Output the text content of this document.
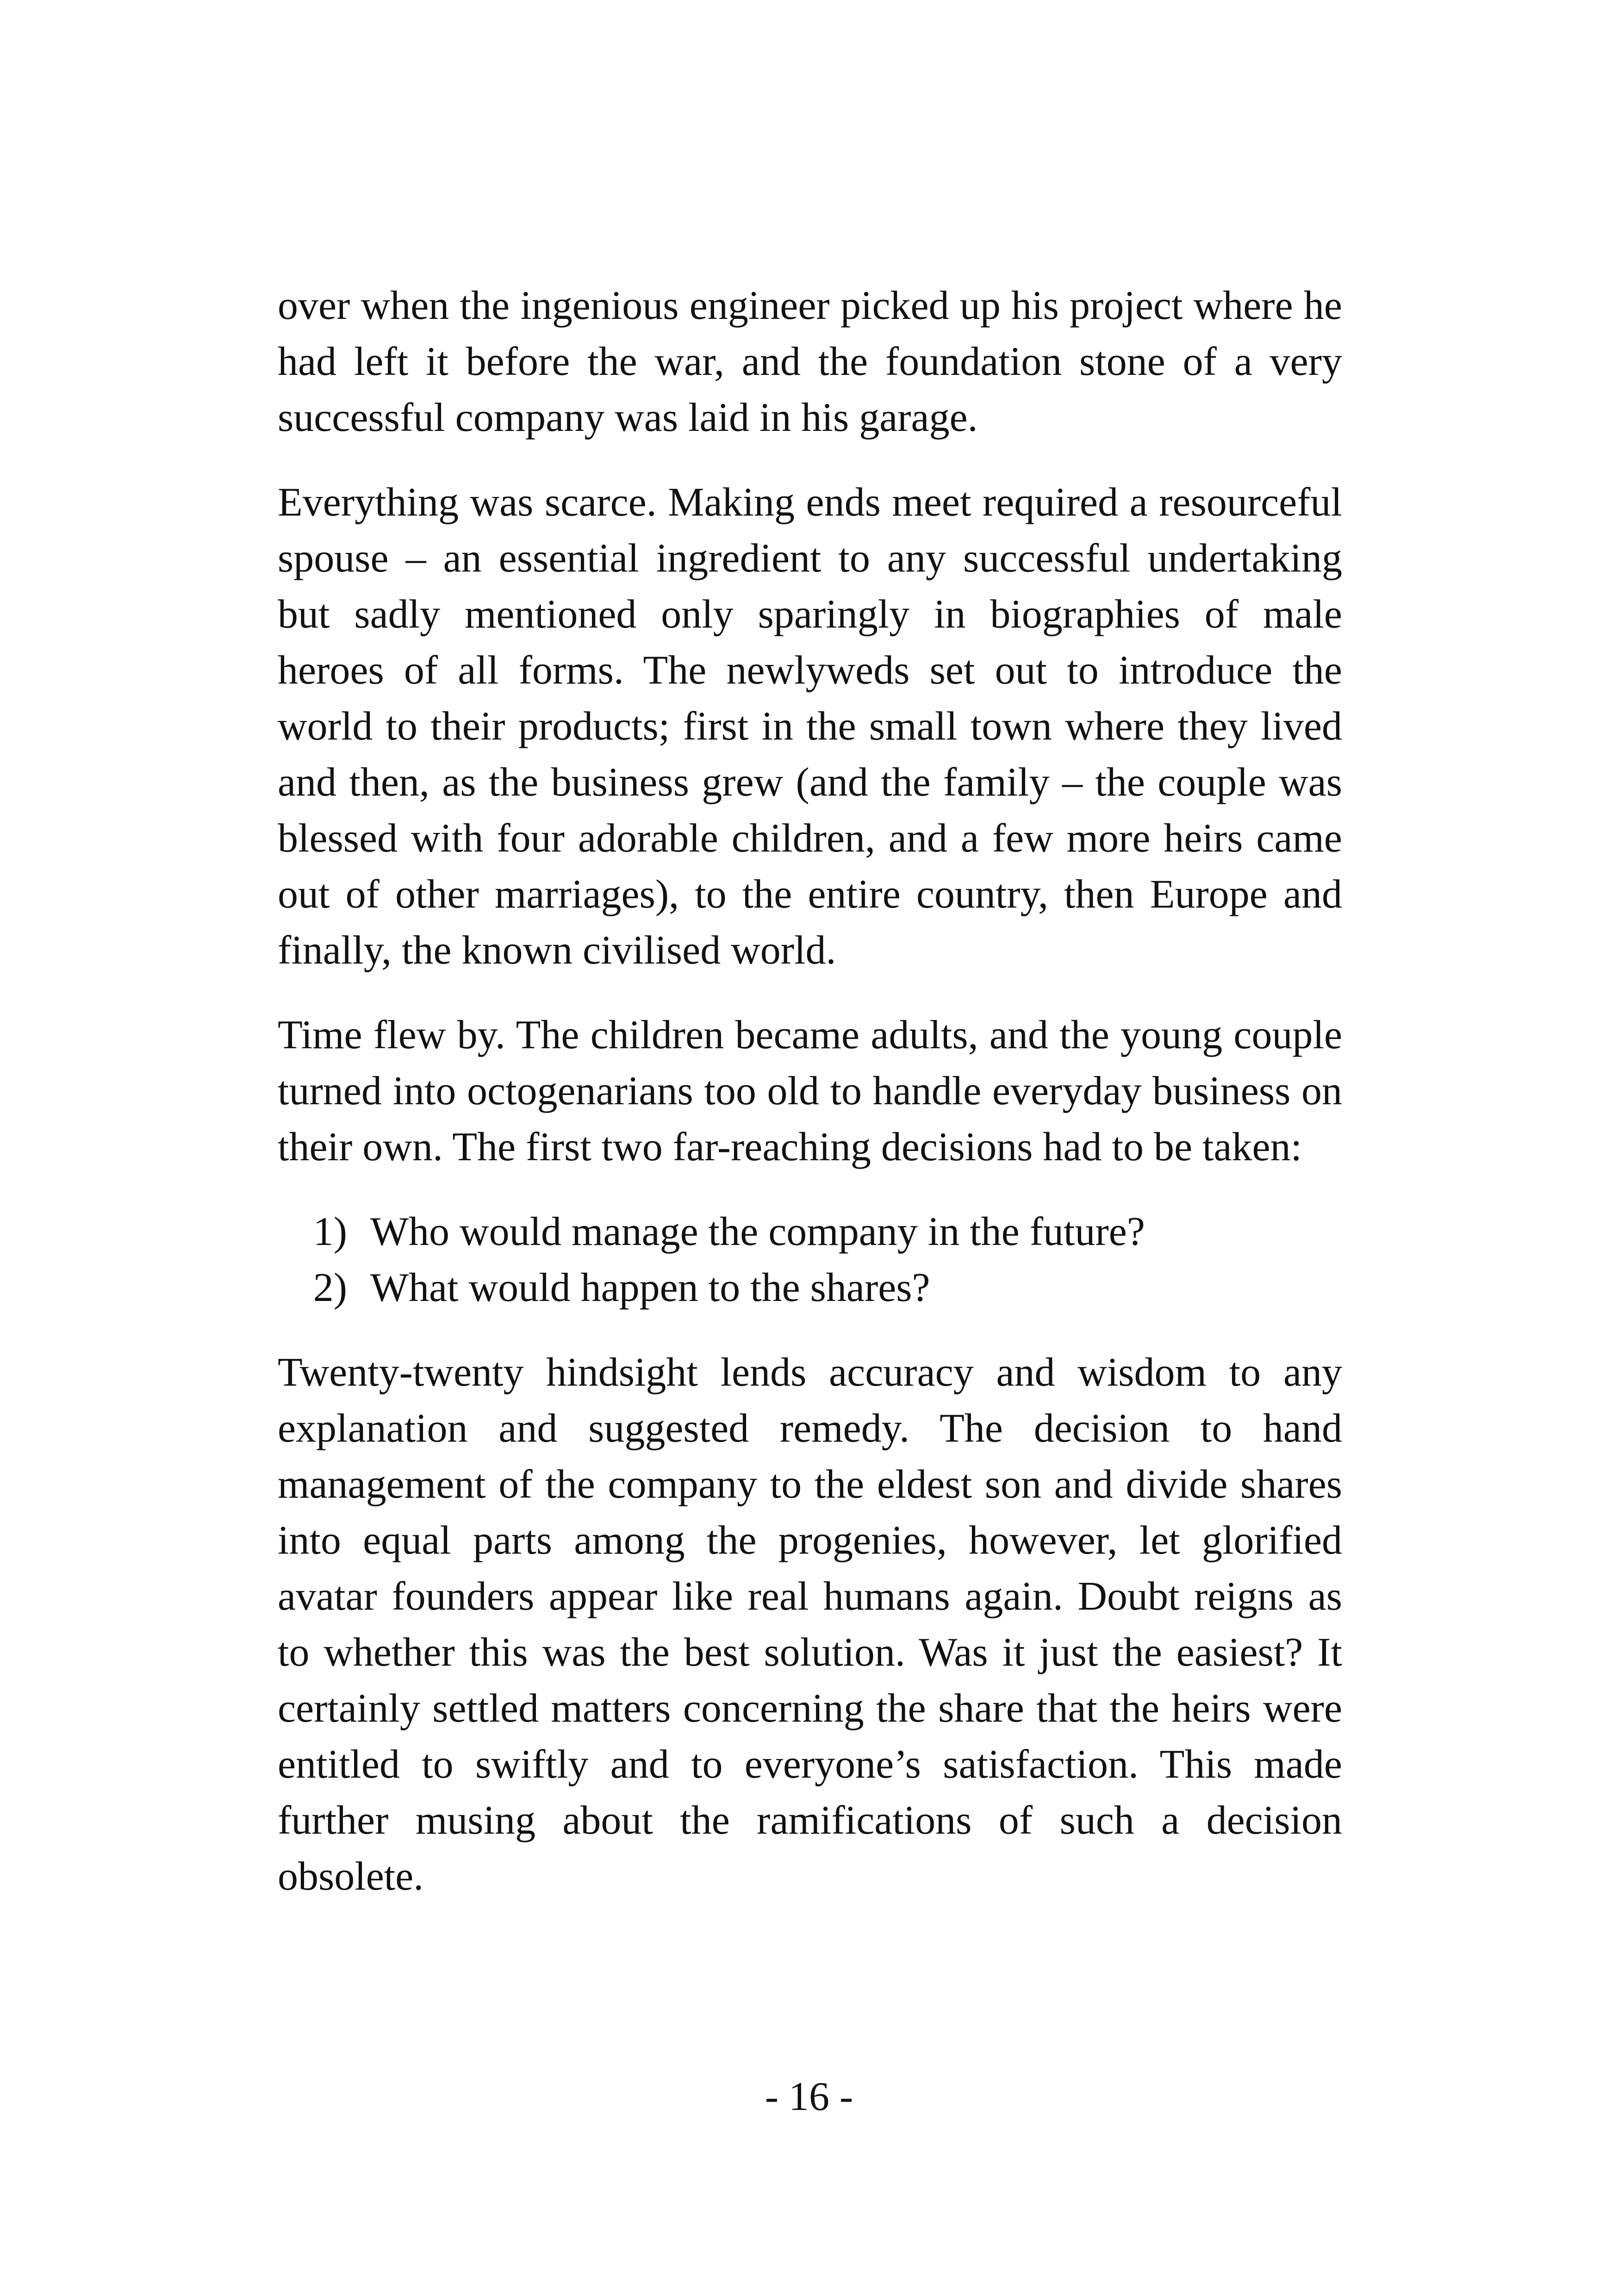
over when the ingenious engineer picked up his project where he had left it before the war, and the foundation stone of a very successful company was laid in his garage.

Everything was scarce. Making ends meet required a resourceful spouse – an essential ingredient to any successful undertaking but sadly mentioned only sparingly in biographies of male heroes of all forms. The newlyweds set out to introduce the world to their products; first in the small town where they lived and then, as the business grew (and the family – the couple was blessed with four adorable children, and a few more heirs came out of other marriages), to the entire country, then Europe and finally, the known civilised world.

Time flew by. The children became adults, and the young couple turned into octogenarians too old to handle everyday business on their own. The first two far-reaching decisions had to be taken:

1) Who would manage the company in the future?
2) What would happen to the shares?

Twenty-twenty hindsight lends accuracy and wisdom to any explanation and suggested remedy. The decision to hand management of the company to the eldest son and divide shares into equal parts among the progenies, however, let glorified avatar founders appear like real humans again. Doubt reigns as to whether this was the best solution. Was it just the easiest? It certainly settled matters concerning the share that the heirs were entitled to swiftly and to everyone’s satisfaction. This made further musing about the ramifications of such a decision obsolete.

- 16 -
